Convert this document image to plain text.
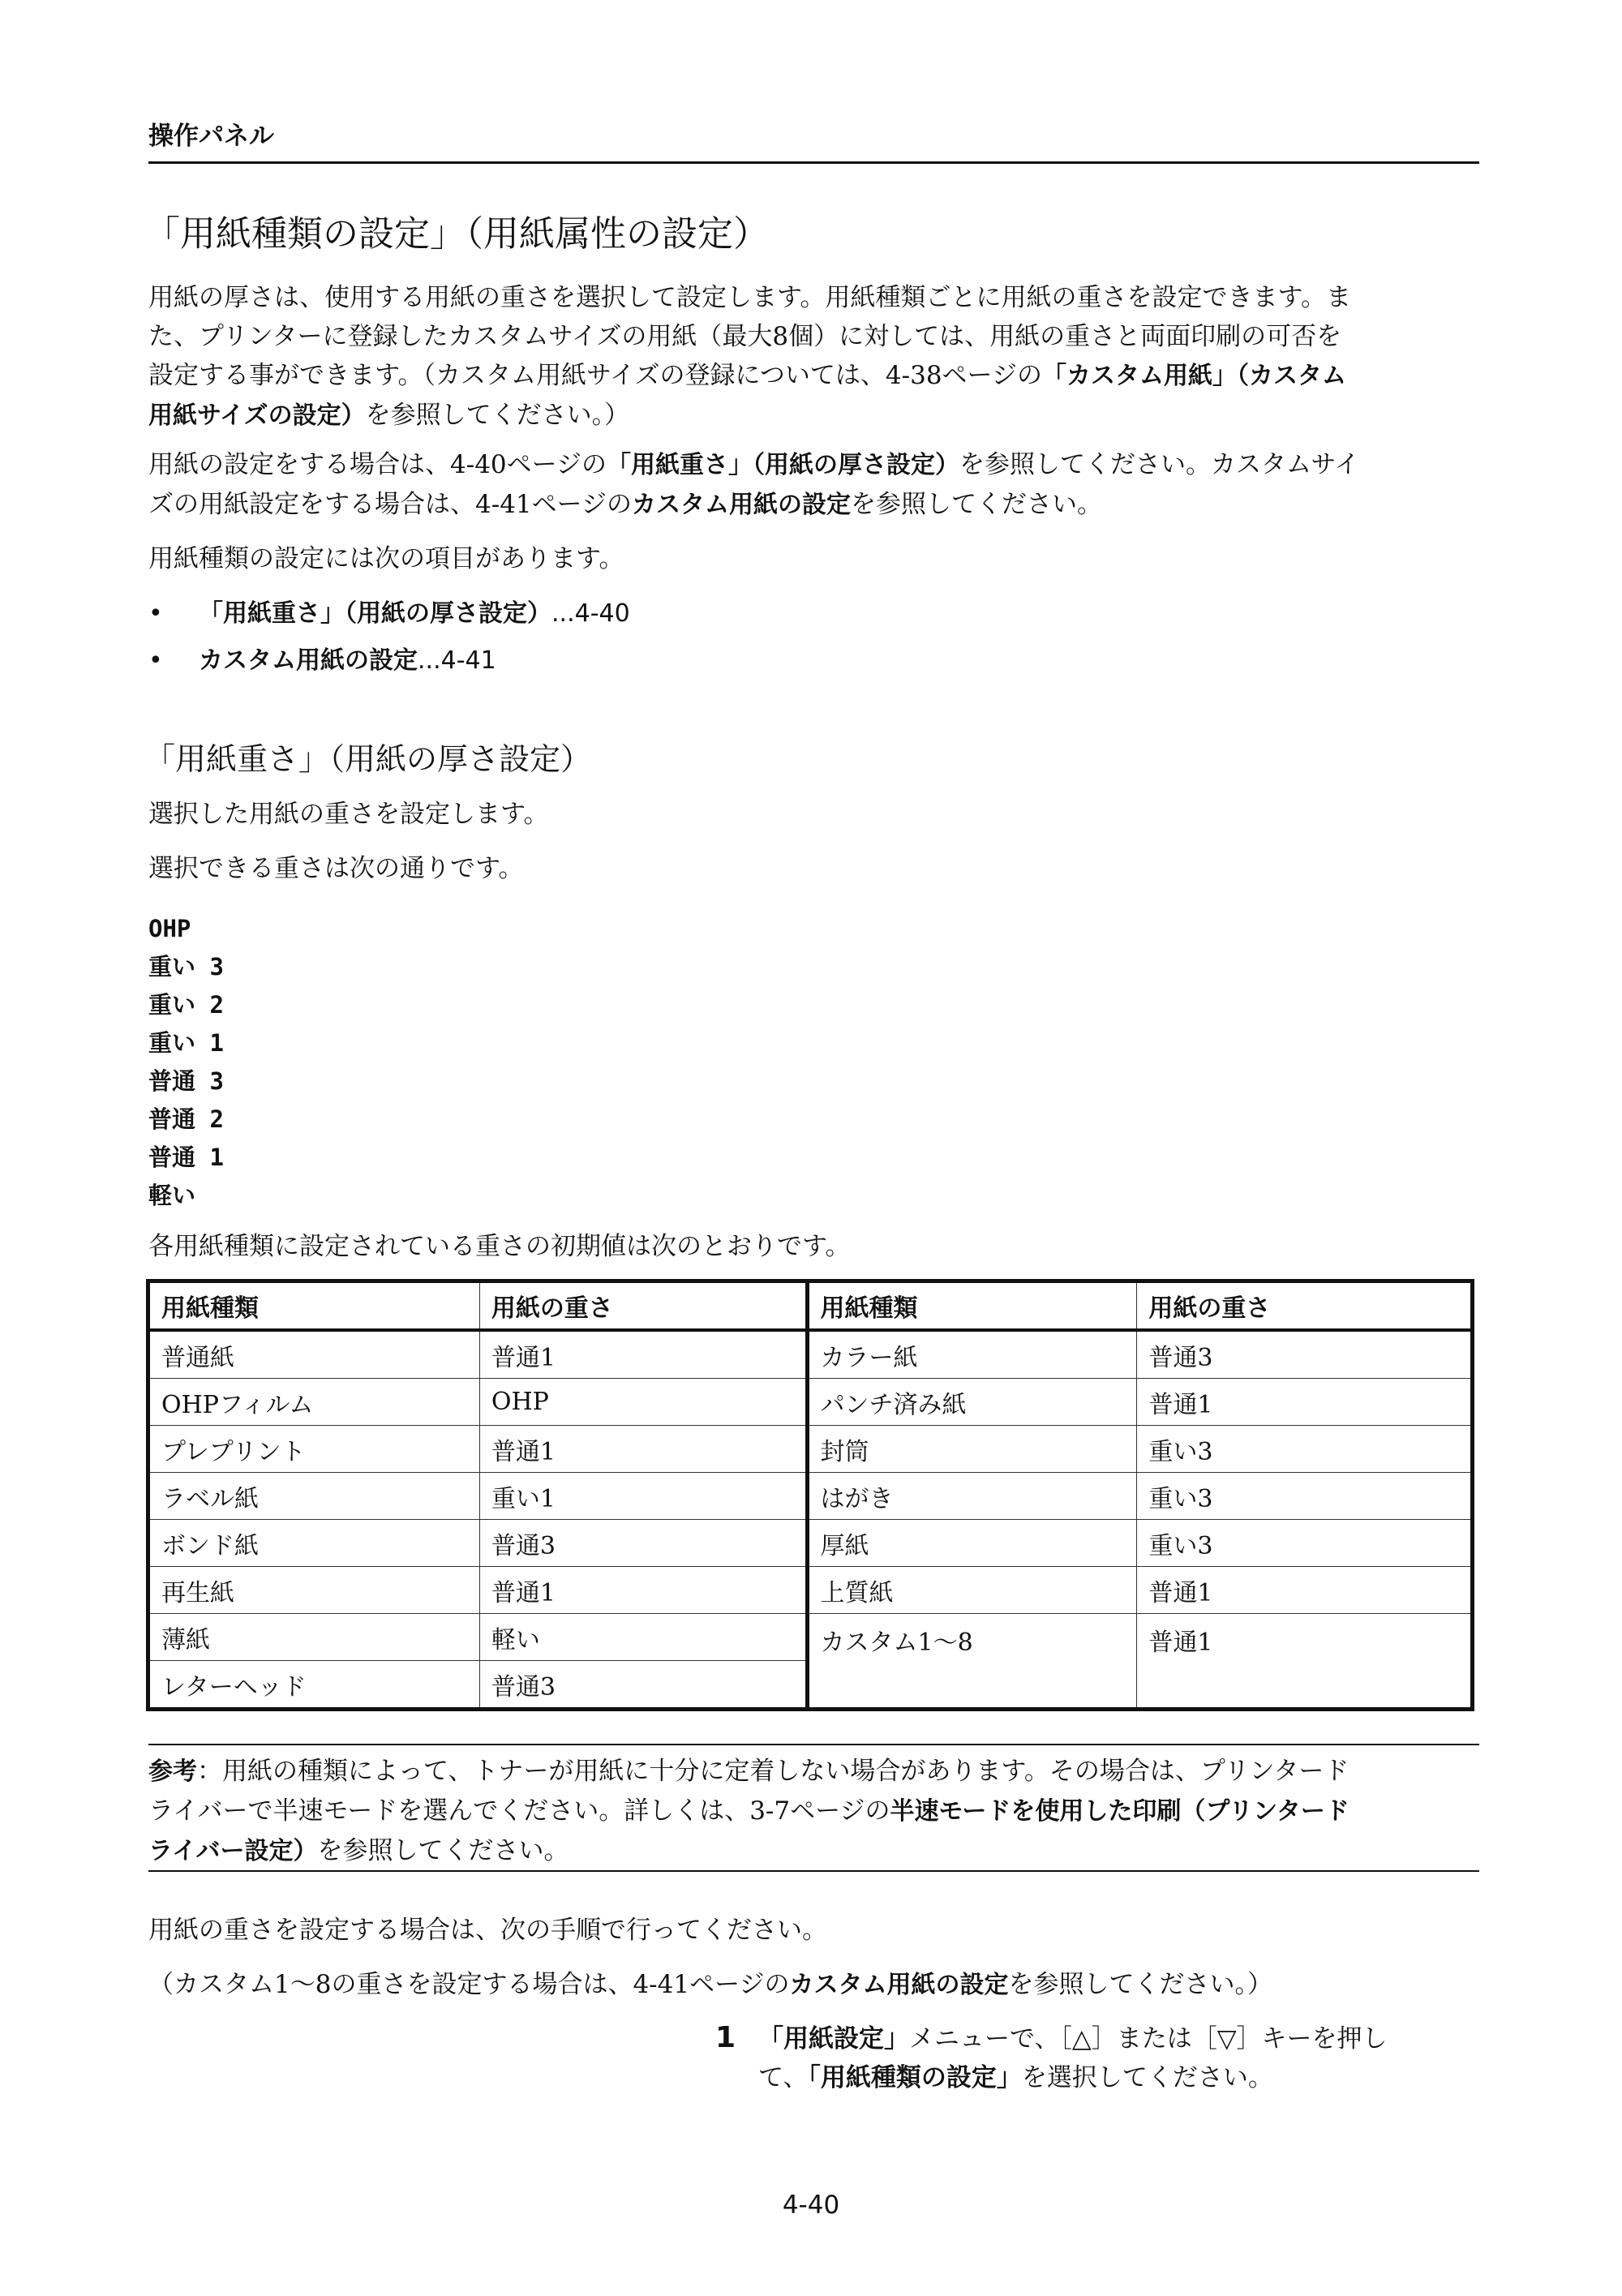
操作パネル
「用紙種類の設定」（用紙属性の設定）
用紙の厚さは、使用する用紙の重さを選択して設定します。用紙種類ごとに用紙の重さを設定できます。ま
た、プリンターに登録したカスタムサイズの用紙（最大8個）に対しては、用紙の重さと両面印刷の可否を
設定する事ができます。（カスタム用紙サイズの登録については、4-38ページの「カスタム用紙」（カスタム
用紙サイズの設定）を参照してください。）
用紙の設定をする場合は、4-40ページの「用紙重さ」（用紙の厚さ設定）を参照してください。カスタムサイ
ズの用紙設定をする場合は、4-41ページのカスタム用紙の設定を参照してください。
用紙種類の設定には次の項目があります。
• 「用紙重さ」（用紙の厚さ設定）...4-40
• カスタム用紙の設定...4-41
「用紙重さ」（用紙の厚さ設定）
選択した用紙の重さを設定します。
選択できる重さは次の通りです。
OHP
重い 3
重い 2
重い 1
普通 3
普通 2
普通 1
軽い
各用紙種類に設定されている重さの初期値は次のとおりです。
用紙種類	用紙の重さ	用紙種類	用紙の重さ
普通紙	普通1	カラー紙	普通3
OHPフィルム	OHP	パンチ済み紙	普通1
プレプリント	普通1	封筒	重い3
ラベル紙	重い1	はがき	重い3
ボンド紙	普通3	厚紙	重い3
再生紙	普通1	上質紙	普通1
薄紙	軽い	カスタム1〜8	普通1
レターヘッド	普通3		
参考：用紙の種類によって、トナーが用紙に十分に定着しない場合があります。その場合は、プリンタード
ライバーで半速モードを選んでください。詳しくは、3-7ページの半速モードを使用した印刷（プリンタード
ライバー設定）を参照してください。
用紙の重さを設定する場合は、次の手順で行ってください。
（カスタム1〜8の重さを設定する場合は、4-41ページのカスタム用紙の設定を参照してください。）
1 「用紙設定」メニューで、［△］または［▽］キーを押し
て、「用紙種類の設定」を選択してください。
4-40
